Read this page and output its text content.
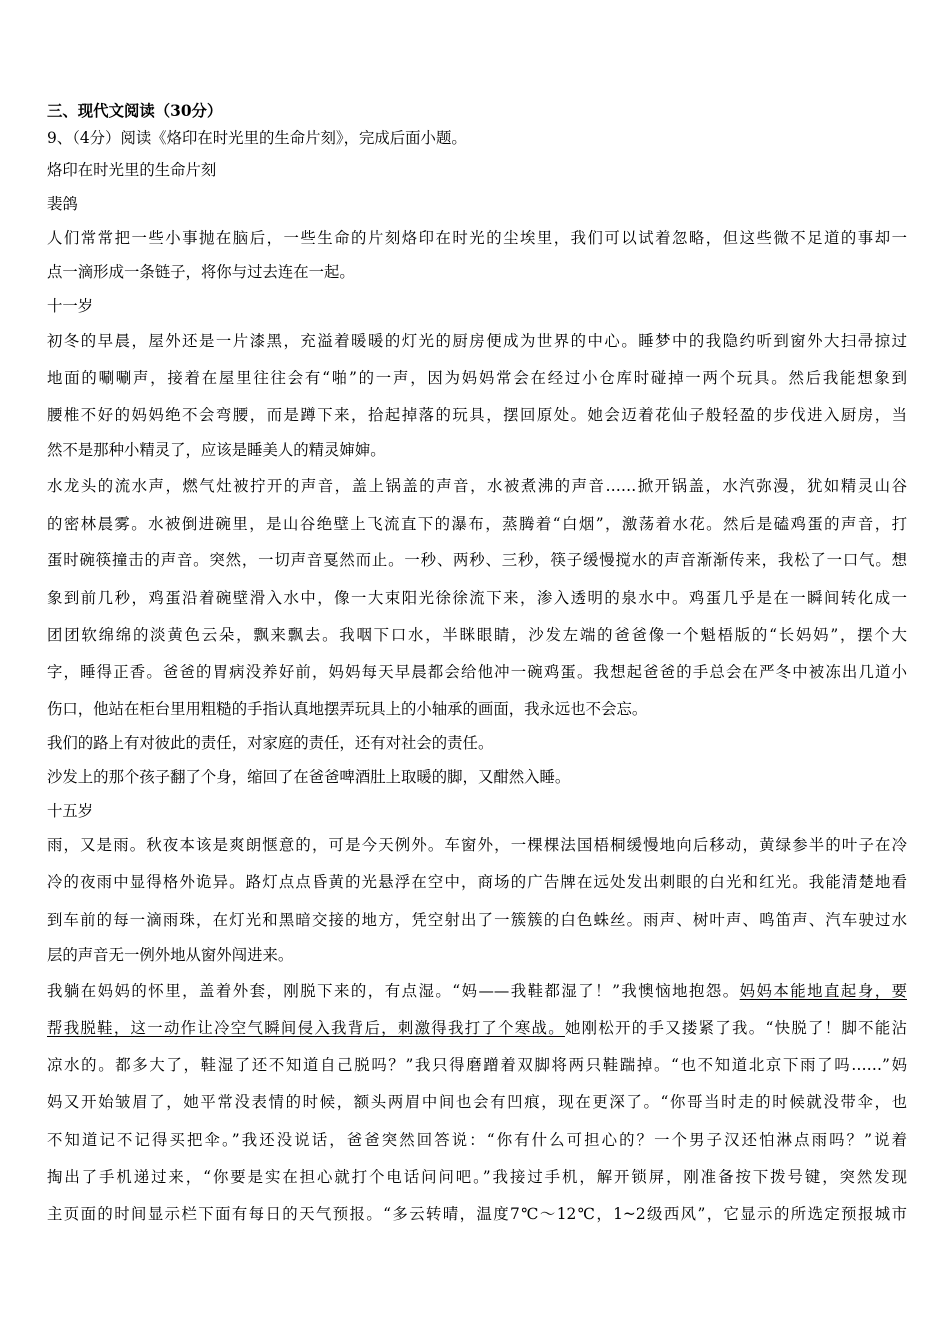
三、现代文阅读（30分）
9、（4分）阅读《烙印在时光里的生命片刻》，完成后面小题。
烙印在时光里的生命片刻
裴鸽
人们常常把一些小事抛在脑后，一些生命的片刻烙印在时光的尘埃里，我们可以试着忽略，但这些微不足道的事却一
点一滴形成一条链子，将你与过去连在一起。
十一岁
初冬的早晨，屋外还是一片漆黑，充溢着暖暖的灯光的厨房便成为世界的中心。睡梦中的我隐约听到窗外大扫帚掠过
地面的唰唰声，接着在屋里往往会有“啪”的一声，因为妈妈常会在经过小仓库时碰掉一两个玩具。然后我能想象到
腰椎不好的妈妈绝不会弯腰，而是蹲下来，拾起掉落的玩具，摆回原处。她会迈着花仙子般轻盈的步伐进入厨房，当
然不是那种小精灵了，应该是睡美人的精灵婶婶。
水龙头的流水声，燃气灶被拧开的声音，盖上锅盖的声音，水被煮沸的声音……掀开锅盖，水汽弥漫，犹如精灵山谷
的密林晨雾。水被倒进碗里，是山谷绝壁上飞流直下的瀑布，蒸腾着“白烟”，激荡着水花。然后是磕鸡蛋的声音，打
蛋时碗筷撞击的声音。突然，一切声音戛然而止。一秒、两秒、三秒，筷子缓慢搅水的声音渐渐传来，我松了一口气。想
象到前几秒，鸡蛋沿着碗壁滑入水中，像一大束阳光徐徐流下来，渗入透明的泉水中。鸡蛋几乎是在一瞬间转化成一
团团软绵绵的淡黄色云朵，飘来飘去。我咽下口水，半眯眼睛，沙发左端的爸爸像一个魁梧版的“长妈妈”，摆个大
字，睡得正香。爸爸的胃病没养好前，妈妈每天早晨都会给他冲一碗鸡蛋。我想起爸爸的手总会在严冬中被冻出几道小
伤口，他站在柜台里用粗糙的手指认真地摆弄玩具上的小轴承的画面，我永远也不会忘。
我们的路上有对彼此的责任，对家庭的责任，还有对社会的责任。
沙发上的那个孩子翻了个身，缩回了在爸爸啤酒肚上取暖的脚，又酣然入睡。
十五岁
雨，又是雨。秋夜本该是爽朗惬意的，可是今天例外。车窗外，一棵棵法国梧桐缓慢地向后移动，黄绿参半的叶子在冷
冷的夜雨中显得格外诡异。路灯点点昏黄的光悬浮在空中，商场的广告牌在远处发出刺眼的白光和红光。我能清楚地看
到车前的每一滴雨珠，在灯光和黑暗交接的地方，凭空射出了一簇簇的白色蛛丝。雨声、树叶声、鸣笛声、汽车驶过水
层的声音无一例外地从窗外闯进来。
我躺在妈妈的怀里，盖着外套，刚脱下来的，有点湿。“妈——我鞋都湿了！”我懊恼地抱怨。妈妈本能地直起身，要
帮我脱鞋，这一动作让冷空气瞬间侵入我背后，刺激得我打了个寒战。她刚松开的手又搂紧了我。“快脱了！脚不能沾
凉水的。都多大了，鞋湿了还不知道自己脱吗？”我只得磨蹭着双脚将两只鞋踹掉。“也不知道北京下雨了吗……”妈
妈又开始皱眉了，她平常没表情的时候，额头两眉中间也会有凹痕，现在更深了。“你哥当时走的时候就没带伞，也
不知道记不记得买把伞。”我还没说话，爸爸突然回答说：“你有什么可担心的？一个男子汉还怕淋点雨吗？”说着
掏出了手机递过来，“你要是实在担心就打个电话问问吧。”我接过手机，解开锁屏，刚准备按下拨号键，突然发现
主页面的时间显示栏下面有每日的天气预报。“多云转晴，温度7℃～12℃，1~2级西风”，它显示的所选定预报城市
